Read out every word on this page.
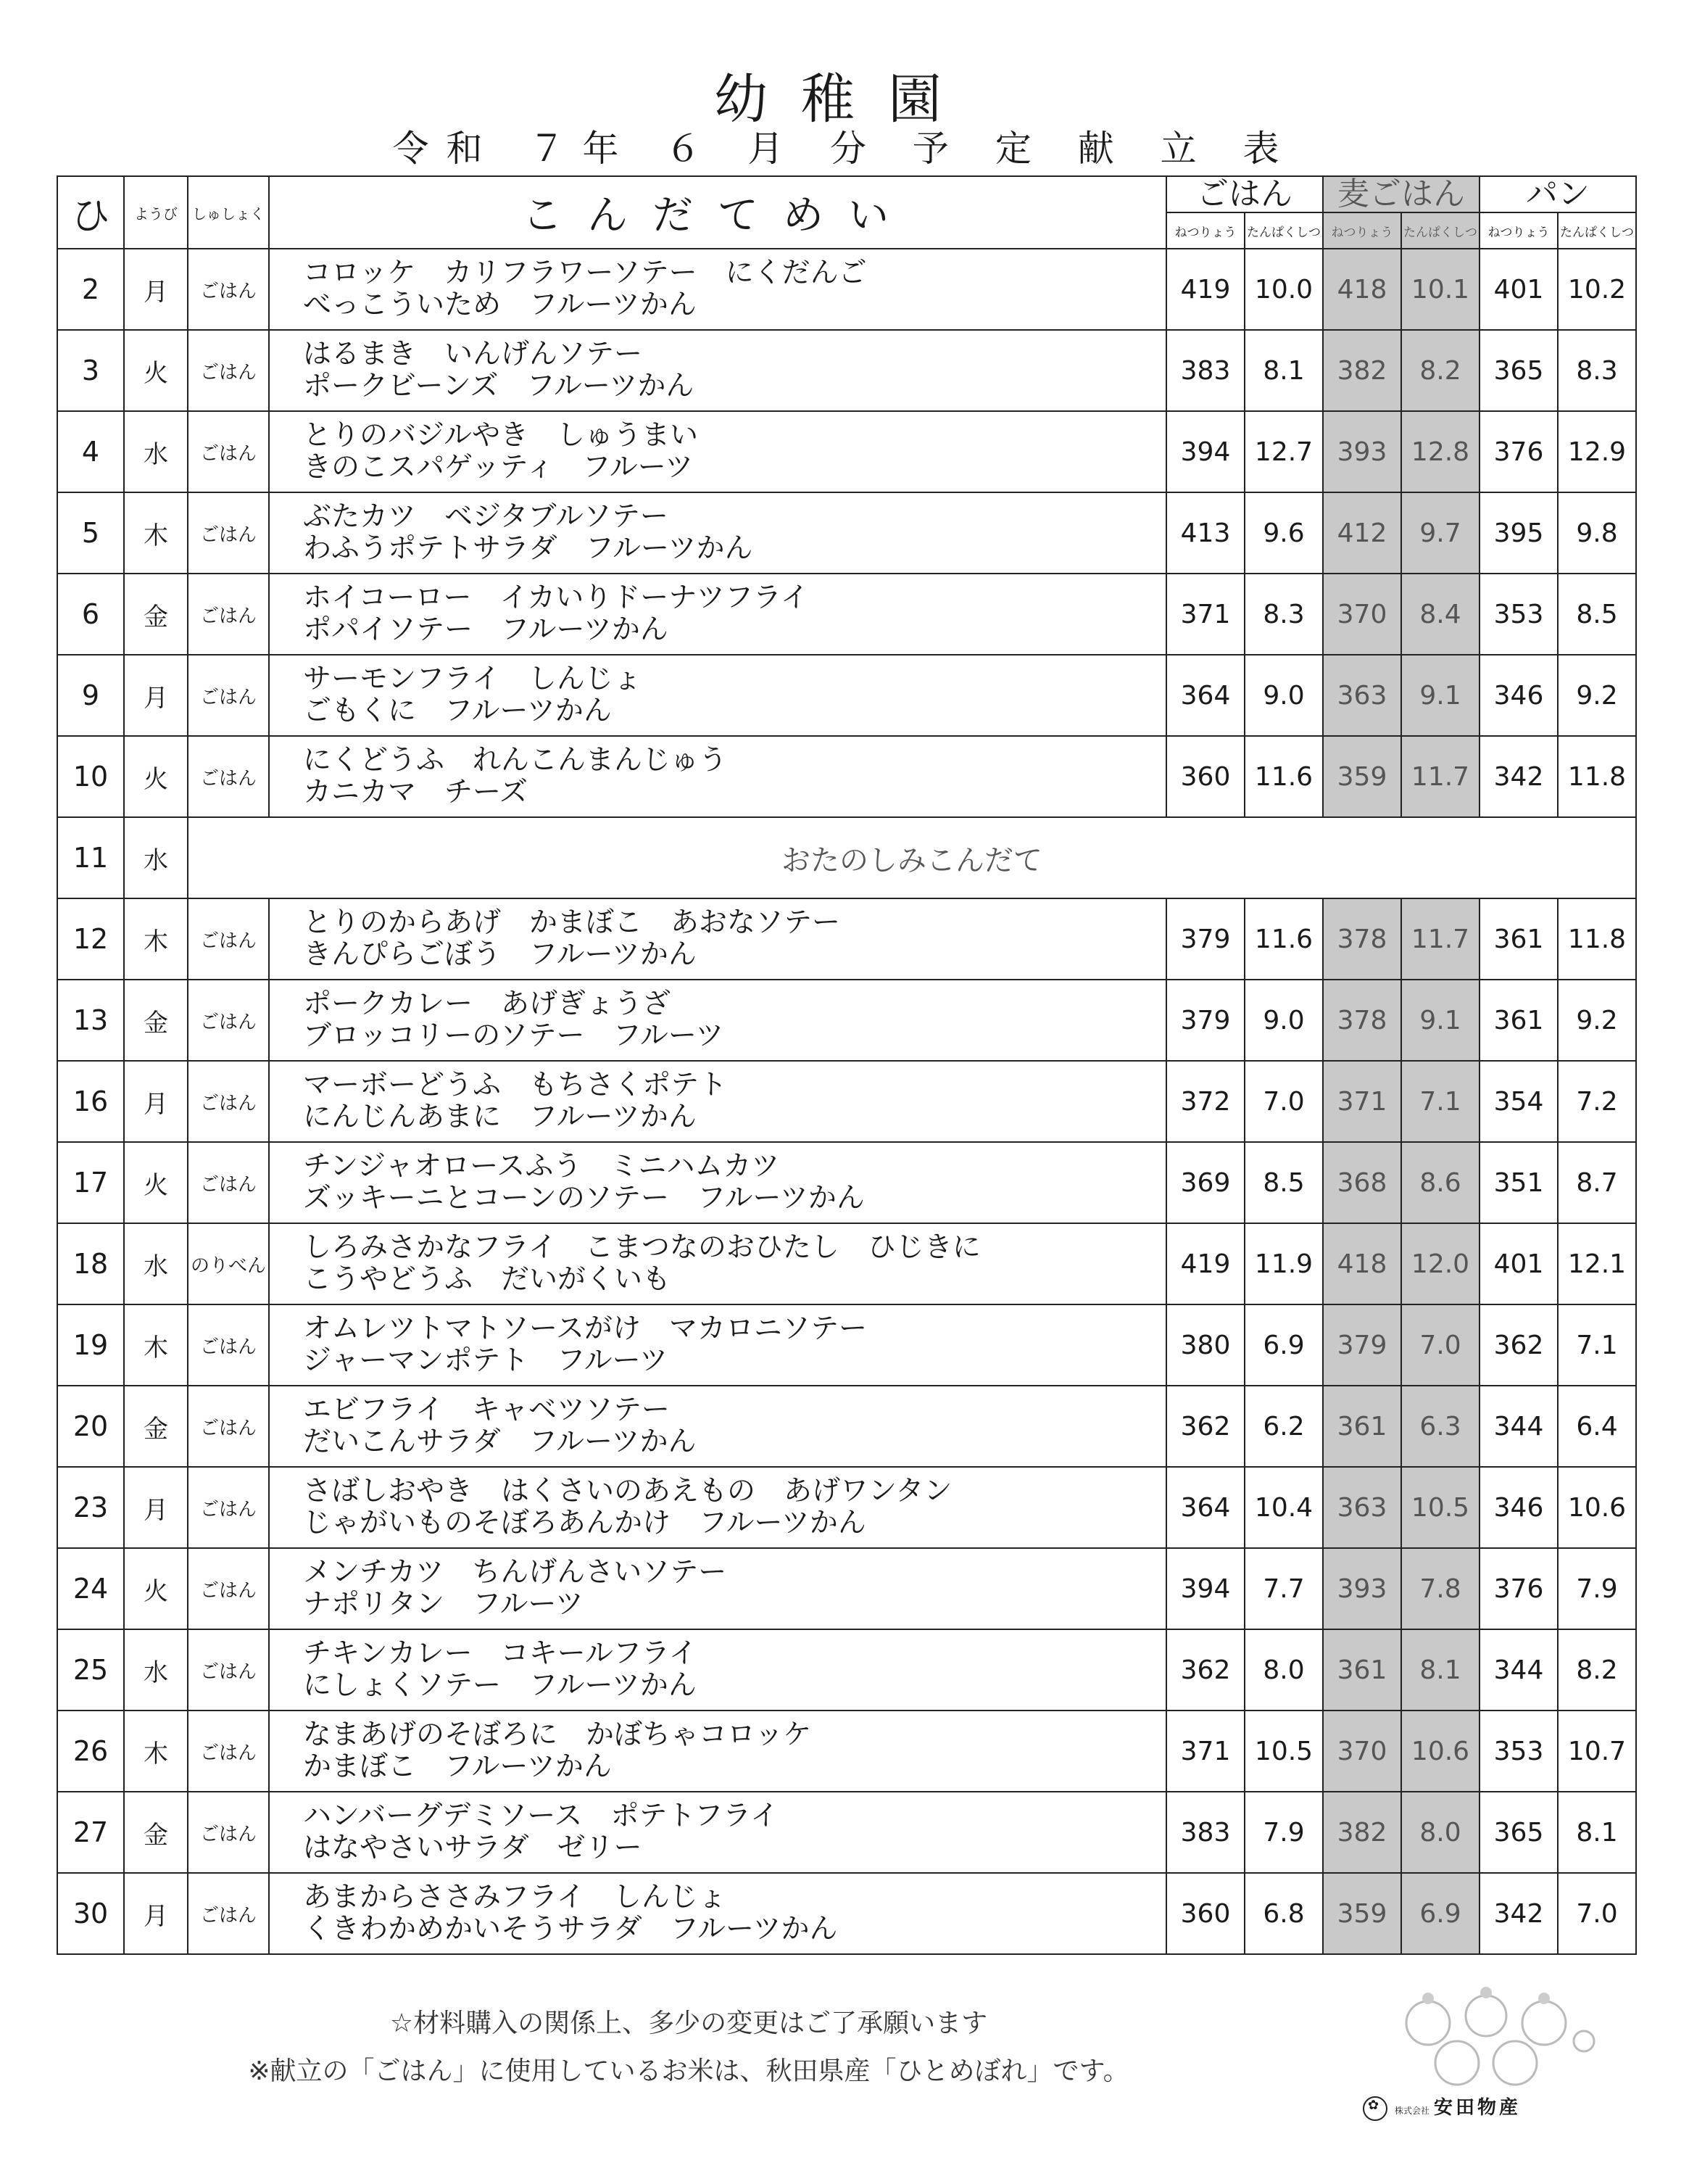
幼稚園
令和 ７年 ６ 月 分 予 定 献 立 表
ひ	ようび	しゅしょく	こんだてめい	ごはん		麦ごはん		パン	
				ねつりょう	たんぱくしつ	ねつりょう	たんぱくしつ	ねつりょう	たんぱくしつ
2	月	ごはん	コロッケ　カリフラワーソテー　にくだんご
べっこういため　フルーツかん	419	10.0	418	10.1	401	10.2
3	火	ごはん	はるまき　いんげんソテー
ポークビーンズ　フルーツかん	383	8.1	382	8.2	365	8.3
4	水	ごはん	とりのバジルやき　しゅうまい
きのこスパゲッティ　フルーツ	394	12.7	393	12.8	376	12.9
5	木	ごはん	ぶたカツ　ベジタブルソテー
わふうポテトサラダ　フルーツかん	413	9.6	412	9.7	395	9.8
6	金	ごはん	ホイコーロー　イカいりドーナツフライ
ポパイソテー　フルーツかん	371	8.3	370	8.4	353	8.5
9	月	ごはん	サーモンフライ　しんじょ
ごもくに　フルーツかん	364	9.0	363	9.1	346	9.2
10	火	ごはん	にくどうふ　れんこんまんじゅう
カニカマ　チーズ	360	11.6	359	11.7	342	11.8
11	水	おたのしみこんだて							
12	木	ごはん	とりのからあげ　かまぼこ　あおなソテー
きんぴらごぼう　フルーツかん	379	11.6	378	11.7	361	11.8
13	金	ごはん	ポークカレー　あげぎょうざ
ブロッコリーのソテー　フルーツ	379	9.0	378	9.1	361	9.2
16	月	ごはん	マーボーどうふ　もちさくポテト
にんじんあまに　フルーツかん	372	7.0	371	7.1	354	7.2
17	火	ごはん	チンジャオロースふう　ミニハムカツ
ズッキーニとコーンのソテー　フルーツかん	369	8.5	368	8.6	351	8.7
18	水	のりべん	しろみさかなフライ　こまつなのおひたし　ひじきに
こうやどうふ　だいがくいも	419	11.9	418	12.0	401	12.1
19	木	ごはん	オムレツトマトソースがけ　マカロニソテー
ジャーマンポテト　フルーツ	380	6.9	379	7.0	362	7.1
20	金	ごはん	エビフライ　キャベツソテー
だいこんサラダ　フルーツかん	362	6.2	361	6.3	344	6.4
23	月	ごはん	さばしおやき　はくさいのあえもの　あげワンタン
じゃがいものそぼろあんかけ　フルーツかん	364	10.4	363	10.5	346	10.6
24	火	ごはん	メンチカツ　ちんげんさいソテー
ナポリタン　フルーツ	394	7.7	393	7.8	376	7.9
25	水	ごはん	チキンカレー　コキールフライ
にしょくソテー　フルーツかん	362	8.0	361	8.1	344	8.2
26	木	ごはん	なまあげのそぼろに　かぼちゃコロッケ
かまぼこ　フルーツかん	371	10.5	370	10.6	353	10.7
27	金	ごはん	ハンバーグデミソース　ポテトフライ
はなやさいサラダ　ゼリー	383	7.9	382	8.0	365	8.1
30	月	ごはん	あまからささみフライ　しんじょ
くきわかめかいそうサラダ　フルーツかん	360	6.8	359	6.9	342	7.0
☆材料購入の関係上、多少の変更はご了承願います
※献立の「ごはん」に使用しているお米は、秋田県産「ひとめぼれ」です。
✿株式会社 安田物産
